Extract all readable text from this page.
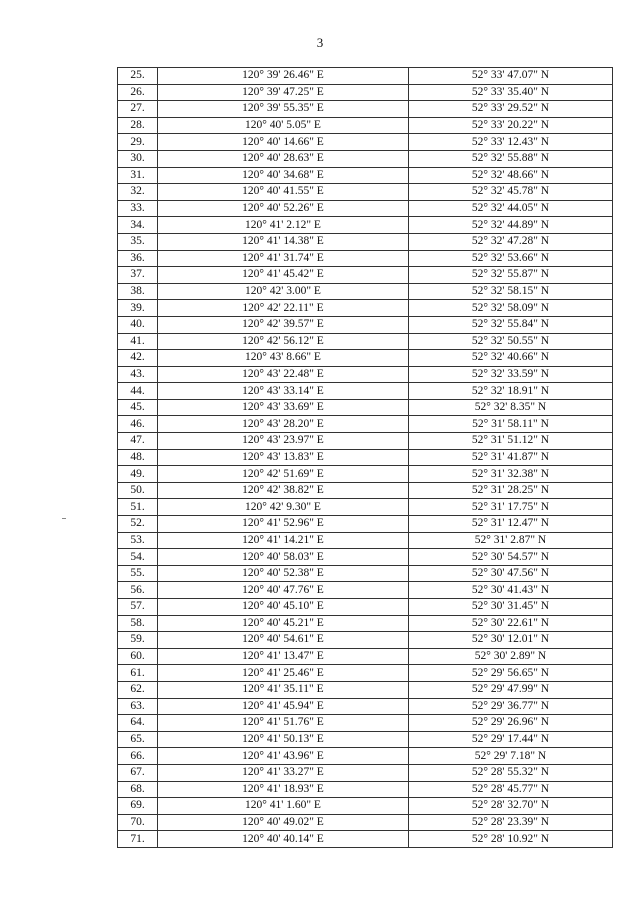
3
25.	120° 39' 26.46" E	52° 33' 47.07" N
26.	120° 39' 47.25" E	52° 33' 35.40" N
27.	120° 39' 55.35" E	52° 33' 29.52" N
28.	120° 40' 5.05" E	52° 33' 20.22" N
29.	120° 40' 14.66" E	52° 33' 12.43" N
30.	120° 40' 28.63" E	52° 32' 55.88" N
31.	120° 40' 34.68" E	52° 32' 48.66" N
32.	120° 40' 41.55" E	52° 32' 45.78" N
33.	120° 40' 52.26" E	52° 32' 44.05" N
34.	120° 41' 2.12" E	52° 32' 44.89" N
35.	120° 41' 14.38" E	52° 32' 47.28" N
36.	120° 41' 31.74" E	52° 32' 53.66" N
37.	120° 41' 45.42" E	52° 32' 55.87" N
38.	120° 42' 3.00" E	52° 32' 58.15" N
39.	120° 42' 22.11" E	52° 32' 58.09" N
40.	120° 42' 39.57" E	52° 32' 55.84" N
41.	120° 42' 56.12" E	52° 32' 50.55" N
42.	120° 43' 8.66" E	52° 32' 40.66" N
43.	120° 43' 22.48" E	52° 32' 33.59" N
44.	120° 43' 33.14" E	52° 32' 18.91" N
45.	120° 43' 33.69" E	52° 32' 8.35" N
46.	120° 43' 28.20" E	52° 31' 58.11" N
47.	120° 43' 23.97" E	52° 31' 51.12" N
48.	120° 43' 13.83" E	52° 31' 41.87" N
49.	120° 42' 51.69" E	52° 31' 32.38" N
50.	120° 42' 38.82" E	52° 31' 28.25" N
51.	120° 42' 9.30" E	52° 31' 17.75" N
52.	120° 41' 52.96" E	52° 31' 12.47" N
53.	120° 41' 14.21" E	52° 31' 2.87" N
54.	120° 40' 58.03" E	52° 30' 54.57" N
55.	120° 40' 52.38" E	52° 30' 47.56" N
56.	120° 40' 47.76" E	52° 30' 41.43" N
57.	120° 40' 45.10" E	52° 30' 31.45" N
58.	120° 40' 45.21" E	52° 30' 22.61" N
59.	120° 40' 54.61" E	52° 30' 12.01" N
60.	120° 41' 13.47" E	52° 30' 2.89" N
61.	120° 41' 25.46" E	52° 29' 56.65" N
62.	120° 41' 35.11" E	52° 29' 47.99" N
63.	120° 41' 45.94" E	52° 29' 36.77" N
64.	120° 41' 51.76" E	52° 29' 26.96" N
65.	120° 41' 50.13" E	52° 29' 17.44" N
66.	120° 41' 43.96" E	52° 29' 7.18" N
67.	120° 41' 33.27" E	52° 28' 55.32" N
68.	120° 41' 18.93" E	52° 28' 45.77" N
69.	120° 41' 1.60" E	52° 28' 32.70" N
70.	120° 40' 49.02" E	52° 28' 23.39" N
71.	120° 40' 40.14" E	52° 28' 10.92" N
